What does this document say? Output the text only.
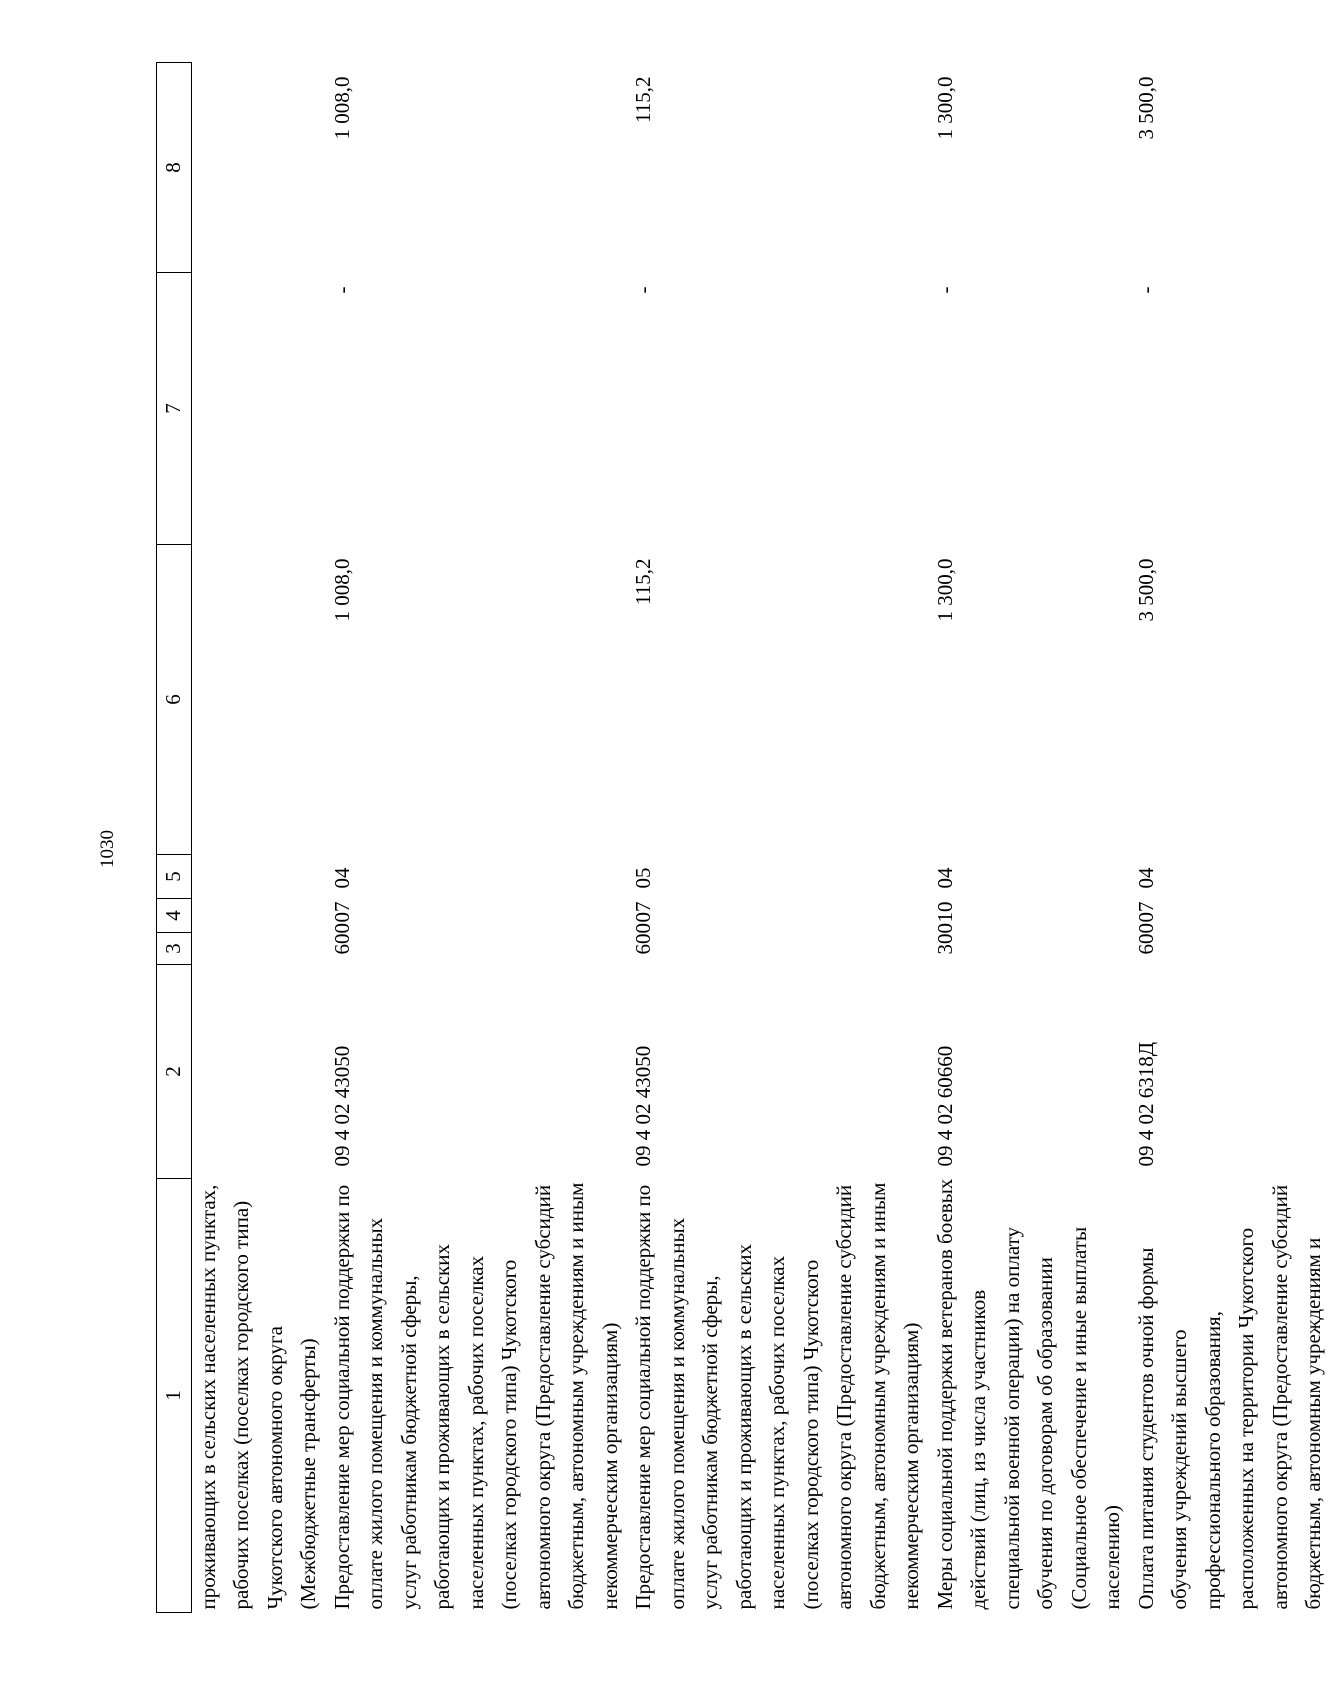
1030
1	2	3	4	5	6	7	8
проживающих в сельских населенных пунктах, рабочих поселках (поселках городского типа) Чукотского автономного округа (Межбюджетные трансферты)							
Предоставление мер социальной поддержки по оплате жилого помещения и коммунальных услуг работникам бюджетной сферы, работающих и проживающих в сельских населенных пунктах, рабочих поселках (поселках городского типа) Чукотского автономного округа (Предоставление субсидий бюджетным, автономным учреждениям и иным некоммерческим организациям)	09 4 02 43050	600	07	04	1 008,0	-	1 008,0
Предоставление мер социальной поддержки по оплате жилого помещения и коммунальных услуг работникам бюджетной сферы, работающих и проживающих в сельских населенных пунктах, рабочих поселках (поселках городского типа) Чукотского автономного округа (Предоставление субсидий бюджетным, автономным учреждениям и иным некоммерческим организациям)	09 4 02 43050	600	07	05	115,2	-	115,2
Меры социальной поддержки ветеранов боевых действий (лиц, из числа участников специальной военной операции) на оплату обучения по договорам об образовании (Социальное обеспечение и иные выплаты населению)	09 4 02 60660	300	10	04	1 300,0	-	1 300,0
Оплата питания студентов очной формы обучения учреждений высшего профессионального образования, расположенных на территории Чукотского автономного округа (Предоставление субсидий бюджетным, автономным учреждениям и	09 4 02 6318Д	600	07	04	3 500,0	-	3 500,0
